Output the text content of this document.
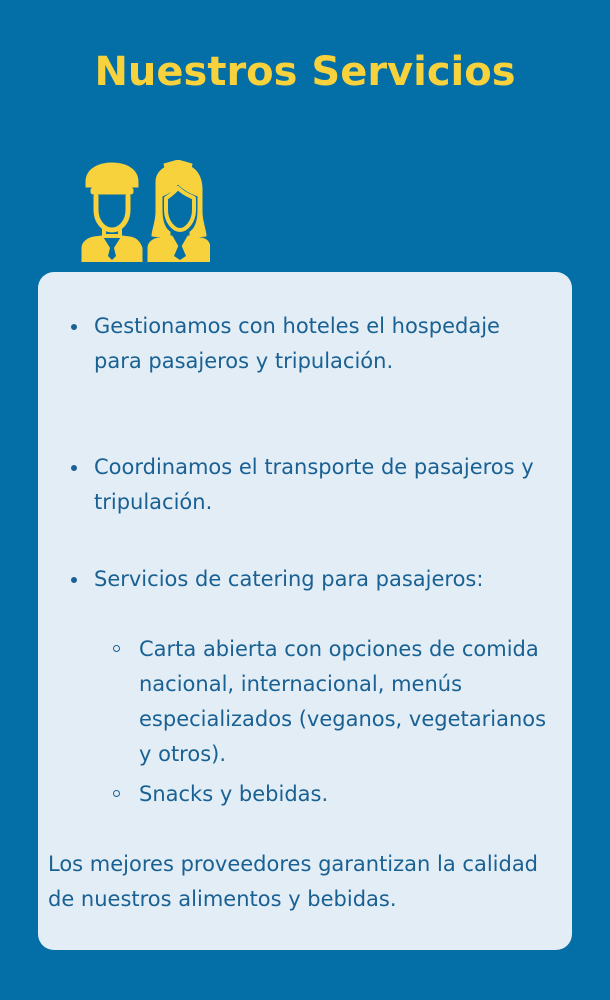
Nuestros Servicios
Gestionamos con hoteles el hospedaje para pasajeros y tripulación.
Coordinamos el transporte de pasajeros y tripulación.
Servicios de catering para pasajeros:
Carta abierta con opciones de comida nacional, internacional, menús especializados (veganos, vegetarianos y otros).
Snacks y bebidas.
Los mejores proveedores garantizan la calidad de nuestros alimentos y bebidas.
